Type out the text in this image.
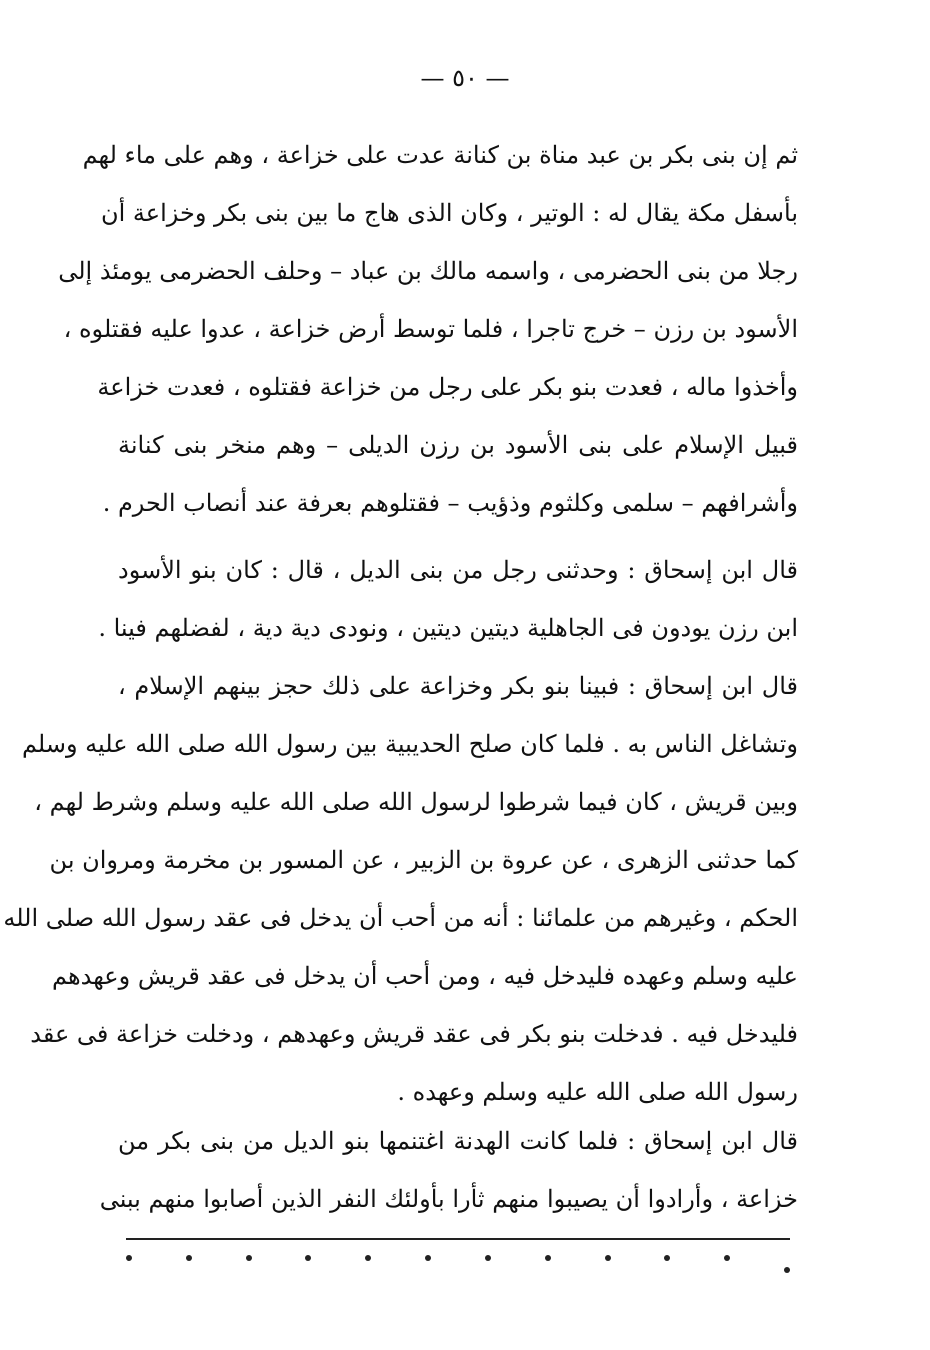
— ٥٠ —
ثم إن بنى بكر بن عبد مناة بن كنانة عدت على خزاعة ، وهم على ماء لهم
بأسفل مكة يقال له : الوتير ، وكان الذى هاج ما بين بنى بكر وخزاعة أن
رجلا من بنى الحضرمى ، واسمه مالك بن عباد – وحلف الحضرمى يومئذ إلى
الأسود بن رزن – خرج تاجرا ، فلما توسط أرض خزاعة ، عدوا عليه فقتلوه ،
وأخذوا ماله ، فعدت بنو بكر على رجل من خزاعة فقتلوه ، فعدت خزاعة
قبيل الإسلام على بنى الأسود بن رزن الديلى – وهم منخر بنى كنانة
وأشرافهم – سلمى وكلثوم وذؤيب – فقتلوهم بعرفة عند أنصاب الحرم .
قال ابن إسحاق : وحدثنى رجل من بنى الديل ، قال : كان بنو الأسود
ابن رزن يودون فى الجاهلية ديتين ديتين ، ونودى دية دية ، لفضلهم فينا .
قال ابن إسحاق : فبينا بنو بكر وخزاعة على ذلك حجز بينهم الإسلام ،
وتشاغل الناس به . فلما كان صلح الحديبية بين رسول الله صلى الله عليه وسلم
وبين قريش ، كان فيما شرطوا لرسول الله صلى الله عليه وسلم وشرط لهم ،
كما حدثنى الزهرى ، عن عروة بن الزبير ، عن المسور بن مخرمة ومروان بن
الحكم ، وغيرهم من علمائنا : أنه من أحب أن يدخل فى عقد رسول الله صلى الله
عليه وسلم وعهده فليدخل فيه ، ومن أحب أن يدخل فى عقد قريش وعهدهم
فليدخل فيه . فدخلت بنو بكر فى عقد قريش وعهدهم ، ودخلت خزاعة فى عقد
رسول الله صلى الله عليه وسلم وعهده .
قال ابن إسحاق : فلما كانت الهدنة اغتنمها بنو الديل من بنى بكر من
خزاعة ، وأرادوا أن يصيبوا منهم ثأرا بأولئك النفر الذين أصابوا منهم ببنى
